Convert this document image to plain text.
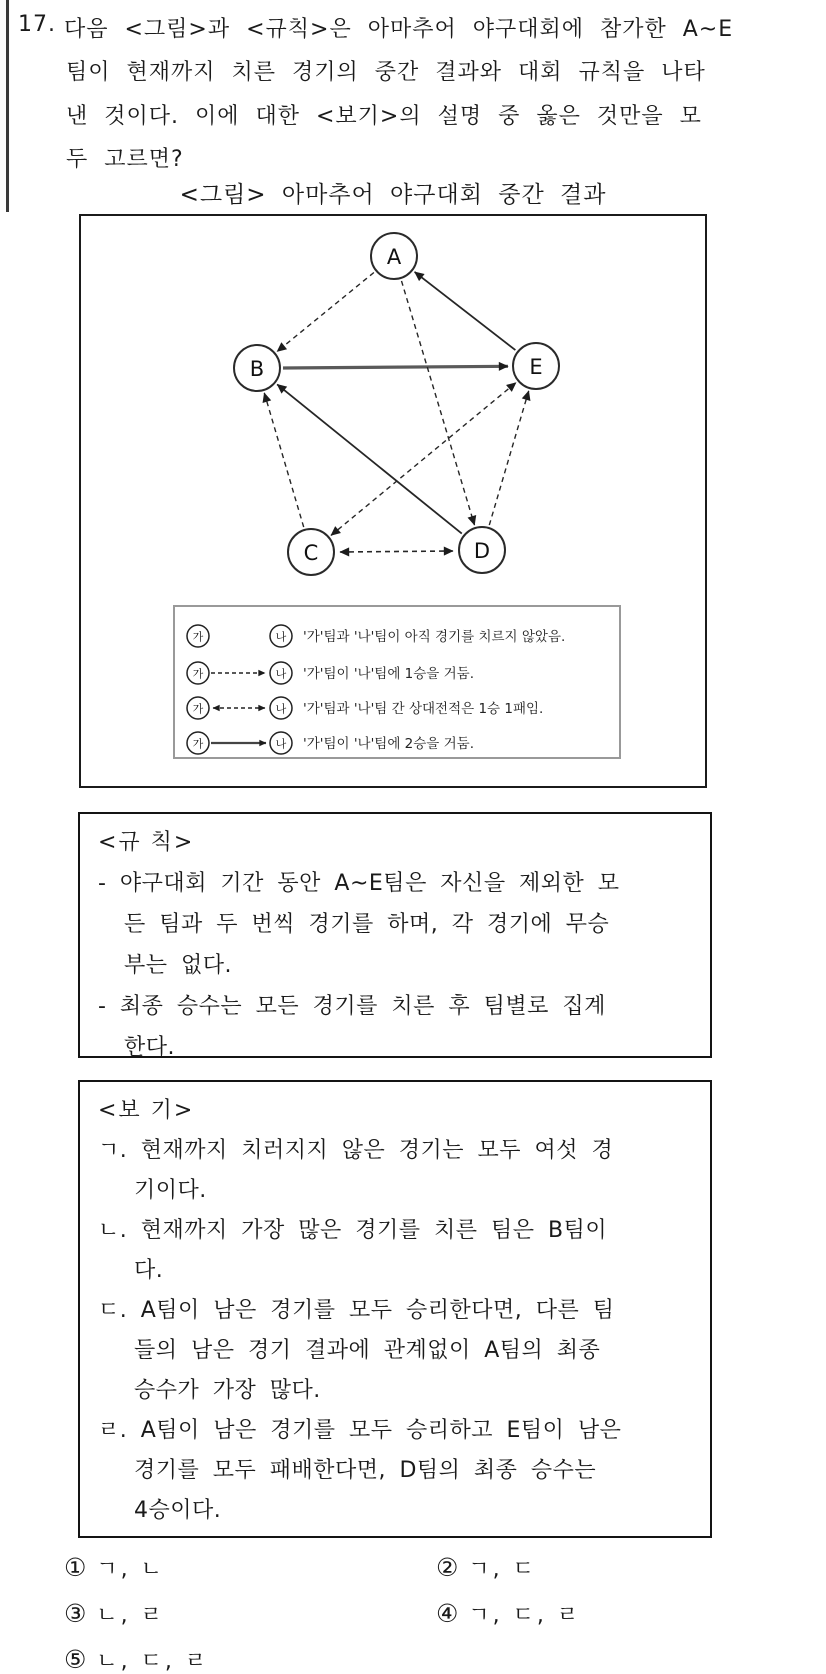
17. 다음 <그림>과 <규칙>은 아마추어 야구대회에 참가한 A~E
팀이 현재까지 치른 경기의 중간 결과와 대회 규칙을 나타
낸 것이다. 이에 대한 <보기>의 설명 중 옳은 것만을 모
두 고르면?
<그림> 아마추어 야구대회 중간 결과
A
B	E
C	D
가	나 '가'팀과 '나'팀이 아직 경기를 치르지 않았음.
가	나 '가'팀이 '나'팀에 1승을 거둠.
가	나 '가'팀과 '나'팀 간 상대전적은 1승 1패임.
가	나 '가'팀이 '나'팀에 2승을 거둠.
<규 칙>
- 야구대회 기간 동안 A~E팀은 자신을 제외한 모
든 팀과 두 번씩 경기를 하며, 각 경기에 무승
부는 없다.
- 최종 승수는 모든 경기를 치른 후 팀별로 집계
한다.
<보 기>
ㄱ. 현재까지 치러지지 않은 경기는 모두 여섯 경
기이다.
ㄴ. 현재까지 가장 많은 경기를 치른 팀은 B팀이
다.
ㄷ. A팀이 남은 경기를 모두 승리한다면, 다른 팀
들의 남은 경기 결과에 관계없이 A팀의 최종
승수가 가장 많다.
ㄹ. A팀이 남은 경기를 모두 승리하고 E팀이 남은
경기를 모두 패배한다면, D팀의 최종 승수는
4승이다.
① ㄱ, ㄴ	② ㄱ, ㄷ
③ ㄴ, ㄹ	④ ㄱ, ㄷ, ㄹ
⑤ ㄴ, ㄷ, ㄹ
